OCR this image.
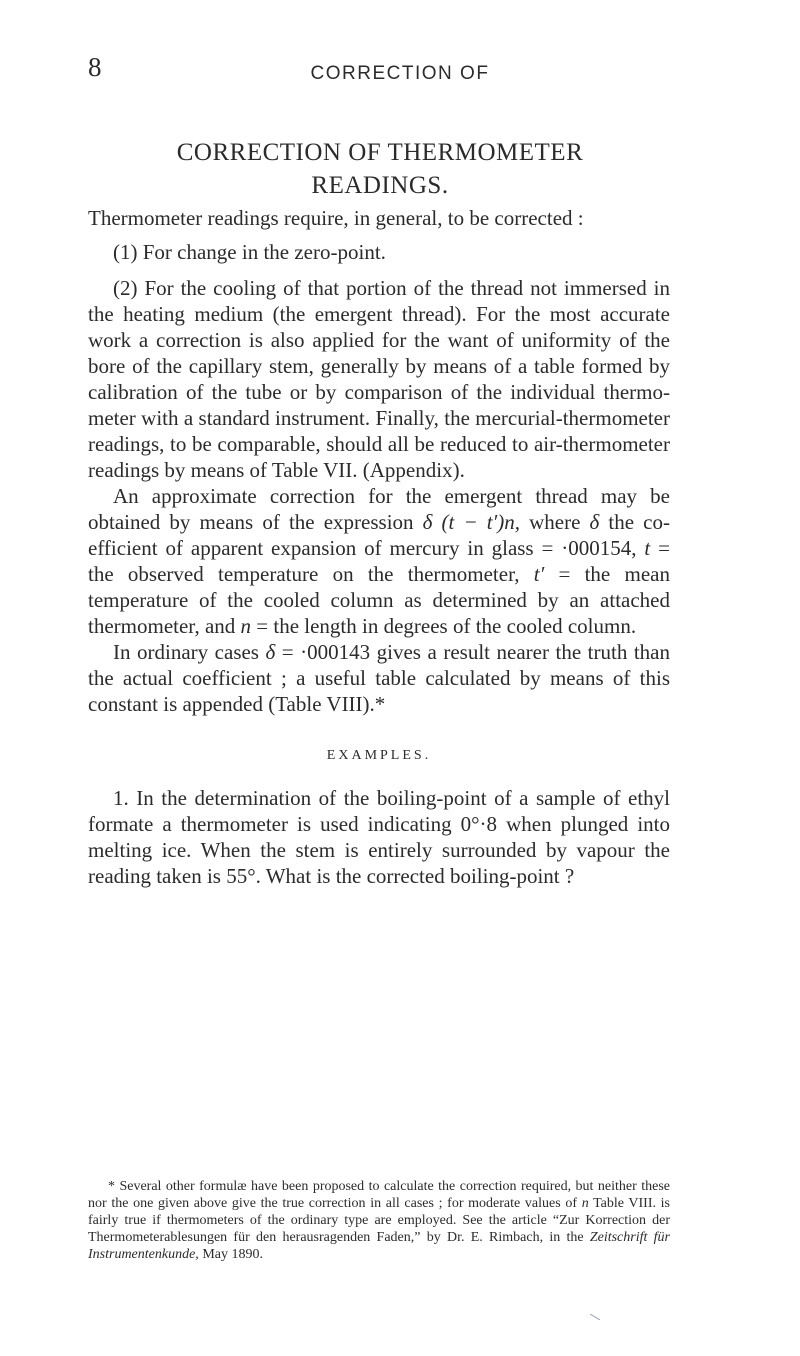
8	CORRECTION OF
CORRECTION OF THERMOMETER
READINGS.

Thermometer readings require, in general, to be corrected :

(1) For change in the zero-point.

(2) For the cooling of that portion of the thread not immersed in the heating medium (the emergent thread). For the most accurate work a correction is also applied for the want of uniformity of the bore of the capillary stem, generally by means of a table formed by calibration of the tube or by comparison of the individual thermometer with a standard instrument. Finally, the mercurial-thermometer readings, to be comparable, should all be reduced to air-thermometer readings by means of Table VII. (Appendix).

An approximate correction for the emergent thread may be obtained by means of the expression δ (t − t′)n, where δ the co-efficient of apparent expansion of mercury in glass = ·000154, t = the observed temperature on the thermometer, t′ = the mean temperature of the cooled column as determined by an attached thermometer, and n = the length in degrees of the cooled column.

In ordinary cases δ = ·000143 gives a result nearer the truth than the actual coefficient ; a useful table calculated by means of this constant is appended (Table VIII).*

EXAMPLES.

1. In the determination of the boiling-point of a sample of ethyl formate a thermometer is used indicating 0°·8 when plunged into melting ice. When the stem is entirely surrounded by vapour the reading taken is 55°. What is the corrected boiling-point ?

* Several other formulæ have been proposed to calculate the correction required, but neither these nor the one given above give the true correction in all cases ; for moderate values of n Table VIII. is fairly true if thermometers of the ordinary type are employed. See the article “Zur Korrection der Thermometerablesungen für den herausragenden Faden,” by Dr. E. Rimbach, in the Zeitschrift für Instrumentenkunde, May 1890.
